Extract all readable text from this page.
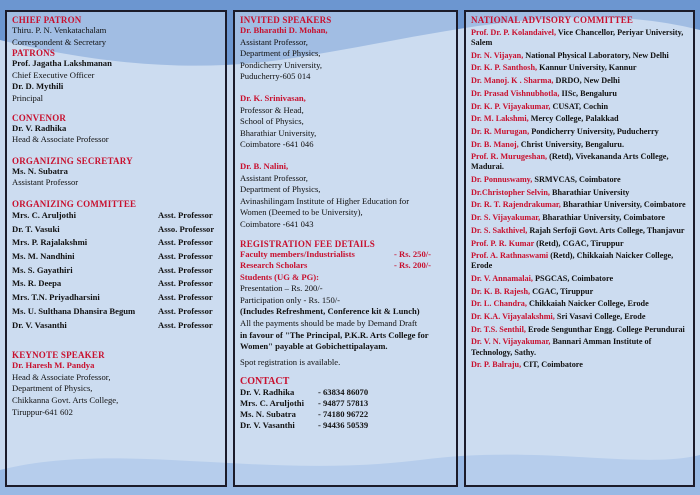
CHIEF PATRON
Thiru. P. N. Venkatachalam
Correspondent & Secretary
PATRONS
Prof. Jagatha Lakshmanan
Chief Executive Officer
Dr. D. Mythili
Principal
CONVENOR
Dr. V. Radhika
Head & Associate Professor
ORGANIZING SECRETARY
Ms. N. Subatra
Assistant Professor
ORGANIZING COMMITTEE
Mrs. C. Aruljothi	Asst. Professor
Dr. T. Vasuki	Asso. Professor
Mrs. P. Rajalakshmi	Asst. Professor
Ms. M. Nandhini	Asst. Professor
Ms. S. Gayathiri	Asst. Professor
Ms. R. Deepa	Asst. Professor
Mrs. T.N. Priyadharsini	Asst. Professor
Ms. U. Sulthana Dhansira Begum	Asst. Professor
Dr. V. Vasanthi	Asst. Professor
KEYNOTE SPEAKER
Dr. Haresh M. Pandya
Head & Associate Professor,
Department of Physics,
Chikkanna Govt. Arts College,
Tiruppur-641 602
INVITED SPEAKERS
Dr. Bharathi D. Mohan,
Assistant Professor,
Department of Physics,
Pondicherry University,
Puducherry-605 014
Dr. K. Srinivasan,
Professor & Head,
School of Physics,
Bharathiar University,
Coimbatore -641 046
Dr. B. Nalini,
Assistant Professor,
Department of Physics,
Avinashilingam Institute of Higher Education for
Women (Deemed to be University),
Coimbatore -641 043
REGISTRATION FEE DETAILS
Faculty members/Industrialists	- Rs. 250/-
Research Scholars	- Rs. 200/-
Students (UG & PG):
Presentation – Rs. 200/-
Participation only - Rs. 150/-
(Includes Refreshment, Conference kit & Lunch)
All the payments should be made by Demand Draft
in favour of "The Principal, P.K.R. Arts College for
Women" payable at Gobichettipalayam.
Spot registration is available.
CONTACT
Dr. V. Radhika	- 63834 86070
Mrs. C. Aruljothi	- 94877 57813
Ms. N. Subatra	- 74180 96722
Dr. V. Vasanthi	- 94436 50539
NATIONAL ADVISORY COMMITTEE
Prof. Dr. P. Kolandaivel, Vice Chancellor, Periyar University, Salem
Dr. N. Vijayan, National Physical Laboratory, New Delhi
Dr. K. P. Santhosh, Kannur University, Kannur
Dr. Manoj. K . Sharma, DRDO, New Delhi
Dr. Prasad Vishnubhotla, IISc, Bengaluru
Dr. K. P. Vijayakumar, CUSAT, Cochin
Dr. M. Lakshmi, Mercy College, Palakkad
Dr. R. Murugan, Pondicherry University, Puducherry
Dr. B. Manoj, Christ University, Bengaluru.
Prof. R. Murugeshan, (Retd), Vivekananda Arts College, Madurai.
Dr. Ponnuswamy, SRMVCAS, Coimbatore
Dr.Christopher Selvin, Bharathiar University
Dr. R. T. Rajendrakumar, Bharathiar University, Coimbatore
Dr. S. Vijayakumar, Bharathiar University, Coimbatore
Dr. S. Sakthivel, Rajah Serfoji Govt. Arts College, Thanjavur
Prof. P. R. Kumar (Retd), CGAC, Tiruppur
Prof. A. Rathnaswami (Retd), Chikkaiah Naicker College, Erode
Dr. V. Annamalai, PSGCAS, Coimbatore
Dr. K. B. Rajesh, CGAC, Tiruppur
Dr. L. Chandra, Chikkaiah Naicker College, Erode
Dr. K.A. Vijayalakshmi, Sri Vasavi College, Erode
Dr. T.S. Senthil, Erode Sengunthar Engg. College Perundurai
Dr. V. N. Vijayakumar, Bannari Amman Institute of Technology, Sathy.
Dr. P. Balraju, CIT, Coimbatore
